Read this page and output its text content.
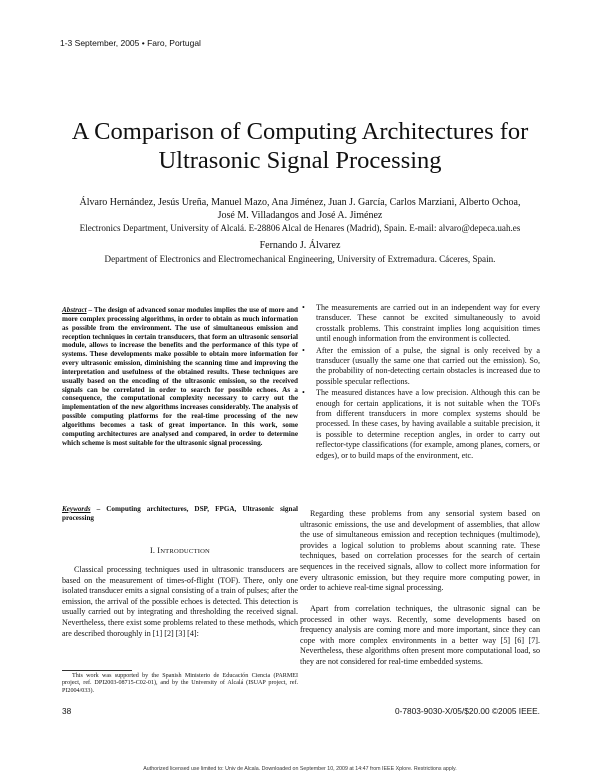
1-3 September, 2005 • Faro, Portugal
A Comparison of Computing Architectures for
Ultrasonic Signal Processing
Álvaro Hernández, Jesús Ureña, Manuel Mazo, Ana Jiménez, Juan J. García, Carlos Marziani, Alberto Ochoa,
José M. Villadangos and José A. Jiménez
Electronics Department, University of Alcalá. E-28806 Alcal de Henares (Madrid), Spain. E-mail: alvaro@depeca.uah.es
Fernando J. Álvarez
Department of Electronics and Electromechanical Engineering, University of Extremadura. Cáceres, Spain.
Abstract – The design of advanced sonar modules implies the use of more and more complex processing algorithms, in order to obtain as much information as possible from the environment. The use of simultaneous emission and reception techniques in certain transducers, that form an ultrasonic sensorial module, allows to increase the benefits and the performance of this type of systems. These developments make possible to obtain more information for every ultrasonic emission, diminishing the scanning time and improving the interpretation and usefulness of the obtained results. These techniques are usually based on the encoding of the ultrasonic emission, so the received signals can be correlated in order to search for possible echoes. As a consequence, the computational complexity necessary to carry out the implementation of the new algorithms increases considerably. The analysis of possible computing platforms for the real-time processing of the new algorithms becomes a task of great importance. In this work, some computing architectures are analysed and compared, in order to determine which scheme is most suitable for the ultrasonic signal processing.
Keywords – Computing architectures, DSP, FPGA, Ultrasonic signal processing
I. INTRODUCTION
Classical processing techniques used in ultrasonic transducers are based on the measurement of times-of-flight (TOF). There, only one isolated transducer emits a signal consisting of a train of pulses; after the emission, the arrival of the possible echoes is detected. This detection is usually carried out by integrating and thresholding the received signal. Nevertheless, there exist some problems related to these methods, which are described thoroughly in [1] [2] [3] [4]:
This work was supported by the Spanish Ministerio de Educación Ciencia (PARMEI project, ref. DPI2003-08715-C02-01), and by the University of Alcalá (ISUAP project, ref. PI2004/033).
• The measurements are carried out in an independent way for every transducer. These cannot be excited simultaneously to avoid crosstalk problems. This constraint implies long acquisition times until enough information from the environment is collected.
• After the emission of a pulse, the signal is only received by a transducer (usually the same one that carried out the emission). So, the probability of non-detecting certain obstacles is increased due to possible specular reflections.
• The measured distances have a low precision. Although this can be enough for certain applications, it is not suitable when the TOFs from different transducers in more complex systems should be processed. In these cases, by having available a suitable precision, it is possible to determine reception angles, in order to carry out reflector-type classifications (for example, among planes, corners, or edges), or to build maps of the environment, etc.
Regarding these problems from any sensorial system based on ultrasonic emissions, the use and development of assemblies, that allow the use of simultaneous emission and reception techniques (multimode), provides a logical solution to problems about scanning rate. These techniques, based on correlation processes for the search of certain sequences in the received signals, allow to collect more information for every ultrasonic emission, but they require more computing power, in order to achieve real-time signal processing.
Apart from correlation techniques, the ultrasonic signal can be processed in other ways. Recently, some developments based on frequency analysis are coming more and more important, since they can cope with more complex environments in a better way [5] [6] [7]. Nevertheless, these algorithms often present more computational load, so they are not considered for real-time embedded systems.
38	0-7803-9030-X/05/$20.00 ©2005 IEEE.
Authorized licensed use limited to: Univ de Alcala. Downloaded on September 10, 2009 at 14:47 from IEEE Xplore. Restrictions apply.
